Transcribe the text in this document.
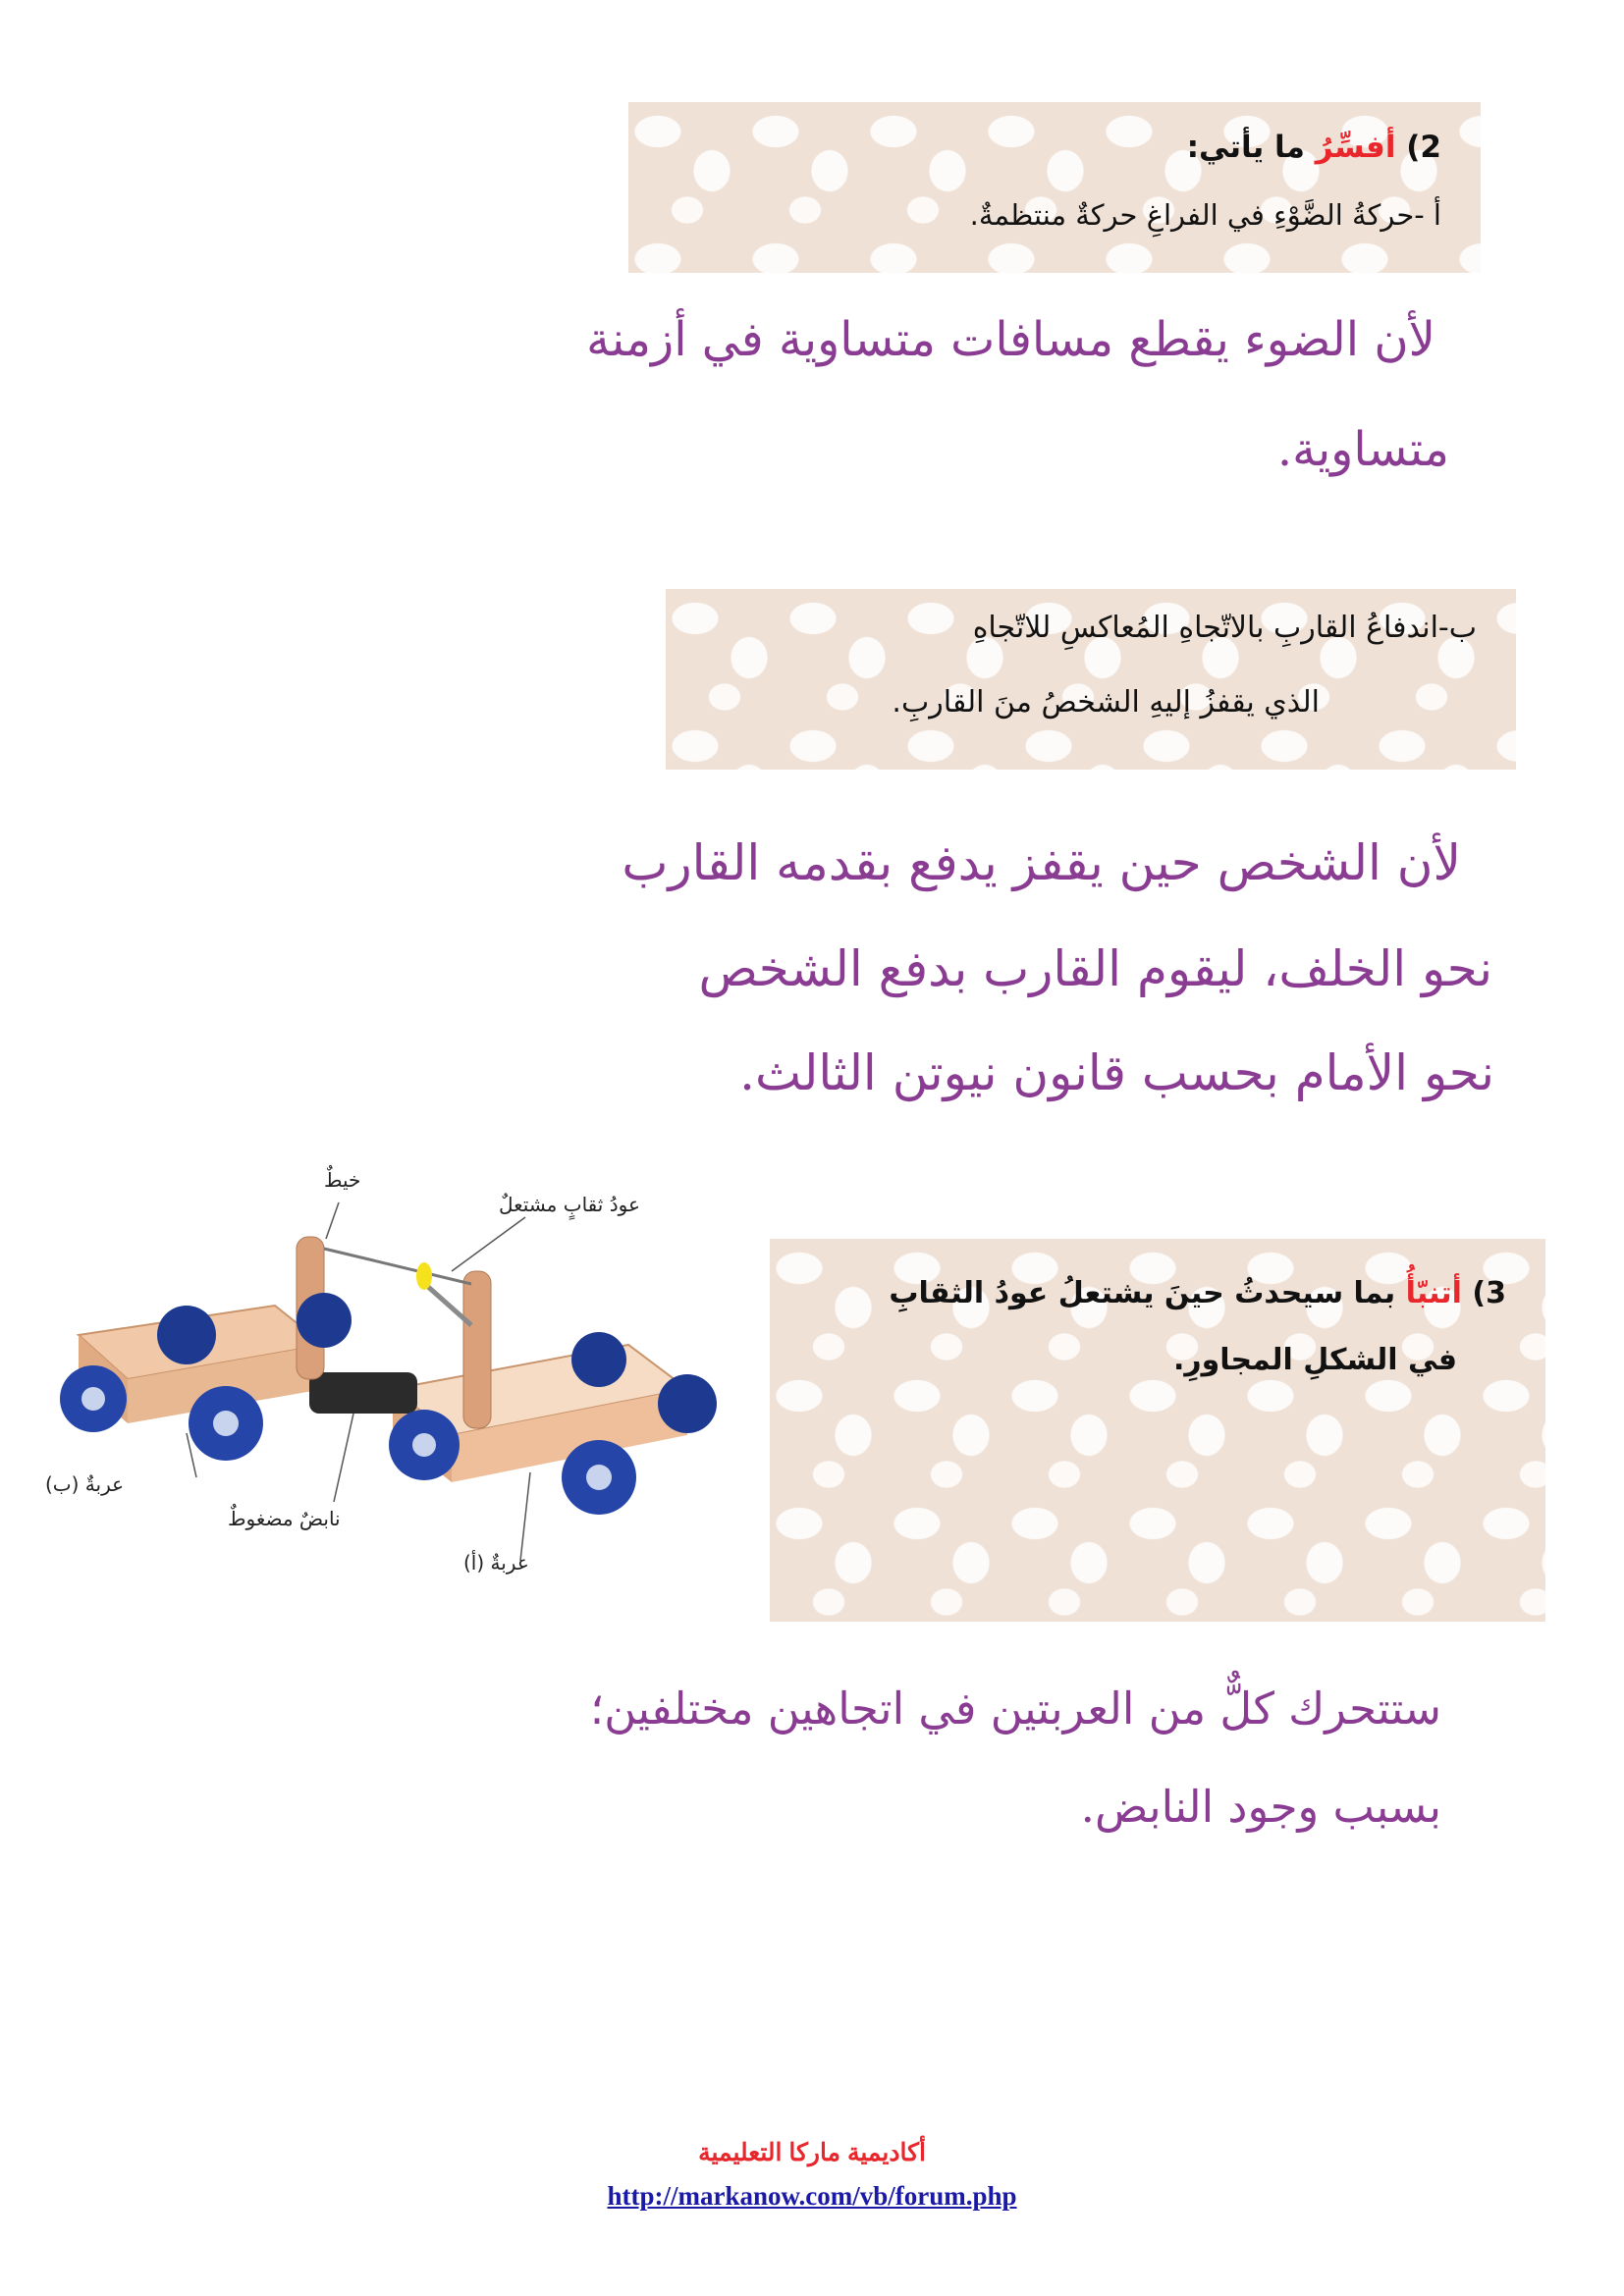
2) أفسِّرُ ما يأتي:
أ -حركةُ الضَّوْءِ في الفراغِ حركةٌ منتظمةٌ.
لأن الضوء يقطع مسافات متساوية في أزمنة
متساوية.
ب-اندفاعُ القاربِ بالاتّجاهِ المُعاكسِ للاتّجاهِ
الذي يقفزُ إليهِ الشخصُ منَ القاربِ.
لأن الشخص حين يقفز يدفع بقدمه القارب
نحو الخلف، ليقوم القارب بدفع الشخص
نحو الأمام بحسب قانون نيوتن الثالث.
خيطٌ
عودُ ثقابٍ مشتعلٌ
عربةٌ (ب)
نابضٌ مضغوطٌ
عربةٌ (أ)
3) أتنبّأُ بما سيحدثُ حينَ يشتعلُ عودُ الثقابِ
في الشكلِ المجاورِ.
ستتحرك كلٌّ من العربتين في اتجاهين مختلفين؛
بسبب وجود النابض.
أكاديمية ماركا التعليمية
http://markanow.com/vb/forum.php
